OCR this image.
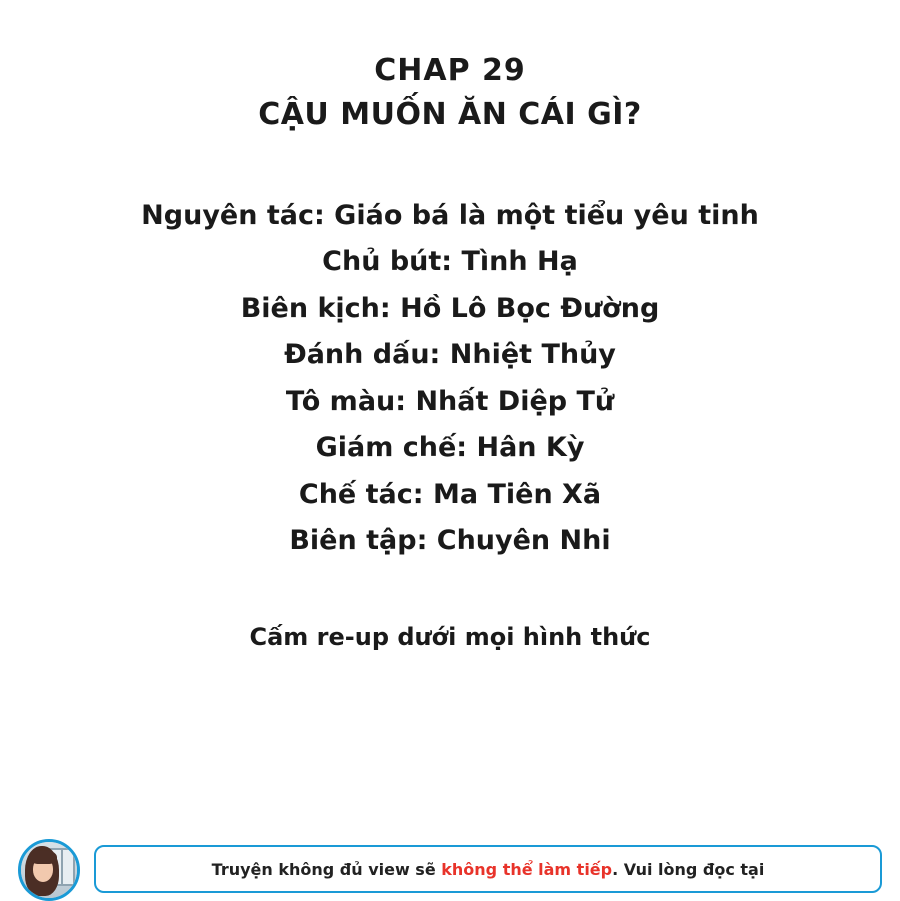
CHAP 29
CẬU MUỐN ĂN CÁI GÌ?
Nguyên tác: Giáo bá là một tiểu yêu tinh
Chủ bút: Tình Hạ
Biên kịch: Hồ Lô Bọc Đường
Đánh dấu: Nhiệt Thủy
Tô màu: Nhất Diệp Tử
Giám chế: Hân Kỳ
Chế tác: Ma Tiên Xã
Biên tập: Chuyên Nhi
Cấm re-up dưới mọi hình thức
Truyện không đủ view sẽ không thể làm tiếp. Vui lòng đọc tại
